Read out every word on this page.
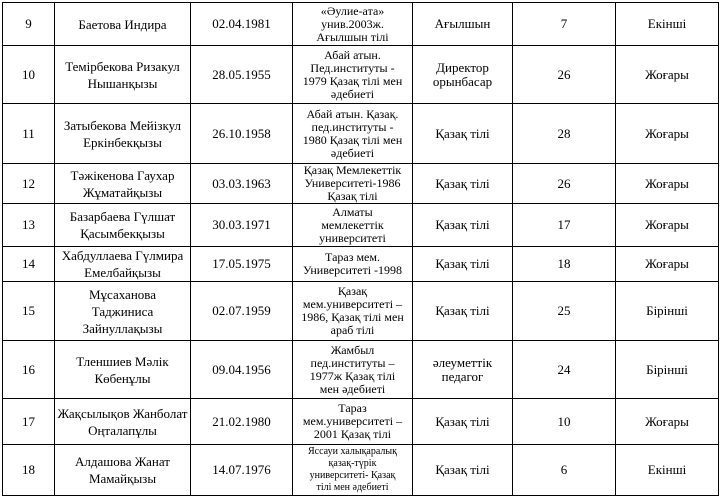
9	Баетова Индира	02.04.1981	«Әулие-ата»
унив.2003ж.
Ағылшын тілі	Ағылшын	7	Екінші
10	Темірбекова Ризакул
Нышанқызы	28.05.1955	Абай атын.
Пед.институты -
1979 Қазақ тілі мен
әдебиеті	Директор
орынбасар	26	Жоғары
11	Затыбекова Мейізкул
Еркінбекқызы	26.10.1958	Абай атын. Қазақ.
пед.институты -
1980 Қазақ тілі мен
әдебиеті	Қазақ тілі	28	Жоғары
12	Тәжікенова Гаухар
Жұматайқызы	03.03.1963	Қазақ Мемлекеттік
Университеті-1986
Қазақ тілі	Қазақ тілі	26	Жоғары
13	Базарбаева Гүлшат
Қасымбекқызы	30.03.1971	Алматы
мемлекеттік
университеті	Қазақ тілі	17	Жоғары
14	Хабдуллаева Гүлмира
Емелбайқызы	17.05.1975	Тараз мем.
Университеті -1998	Қазақ тілі	18	Жоғары
15	Мұсаханова Таджиниса
Зайнуллақызы	02.07.1959	Қазақ
мем.университеті –
1986, Қазақ тілі мен
араб тілі	Қазақ тілі	25	Бірінші
16	Тленшиев Мәлік
Көбенұлы	09.04.1956	Жамбыл
пед.институты –
1977ж Қазақ тілі
мен әдебиеті	әлеуметтік
педагог	24	Бірінші
17	Жақсылықов Жанболат
Оңталапұлы	21.02.1980	Тараз
мем.университеті –
2001 Қазақ тілі	Қазақ тілі	10	Жоғары
18	Алдашова Жанат
Мамайқызы	14.07.1976	Яссауи халықаралық
қазақ-түрік
университеті- Қазақ
тілі мен әдебиеті	Қазақ тілі	6	Екінші
